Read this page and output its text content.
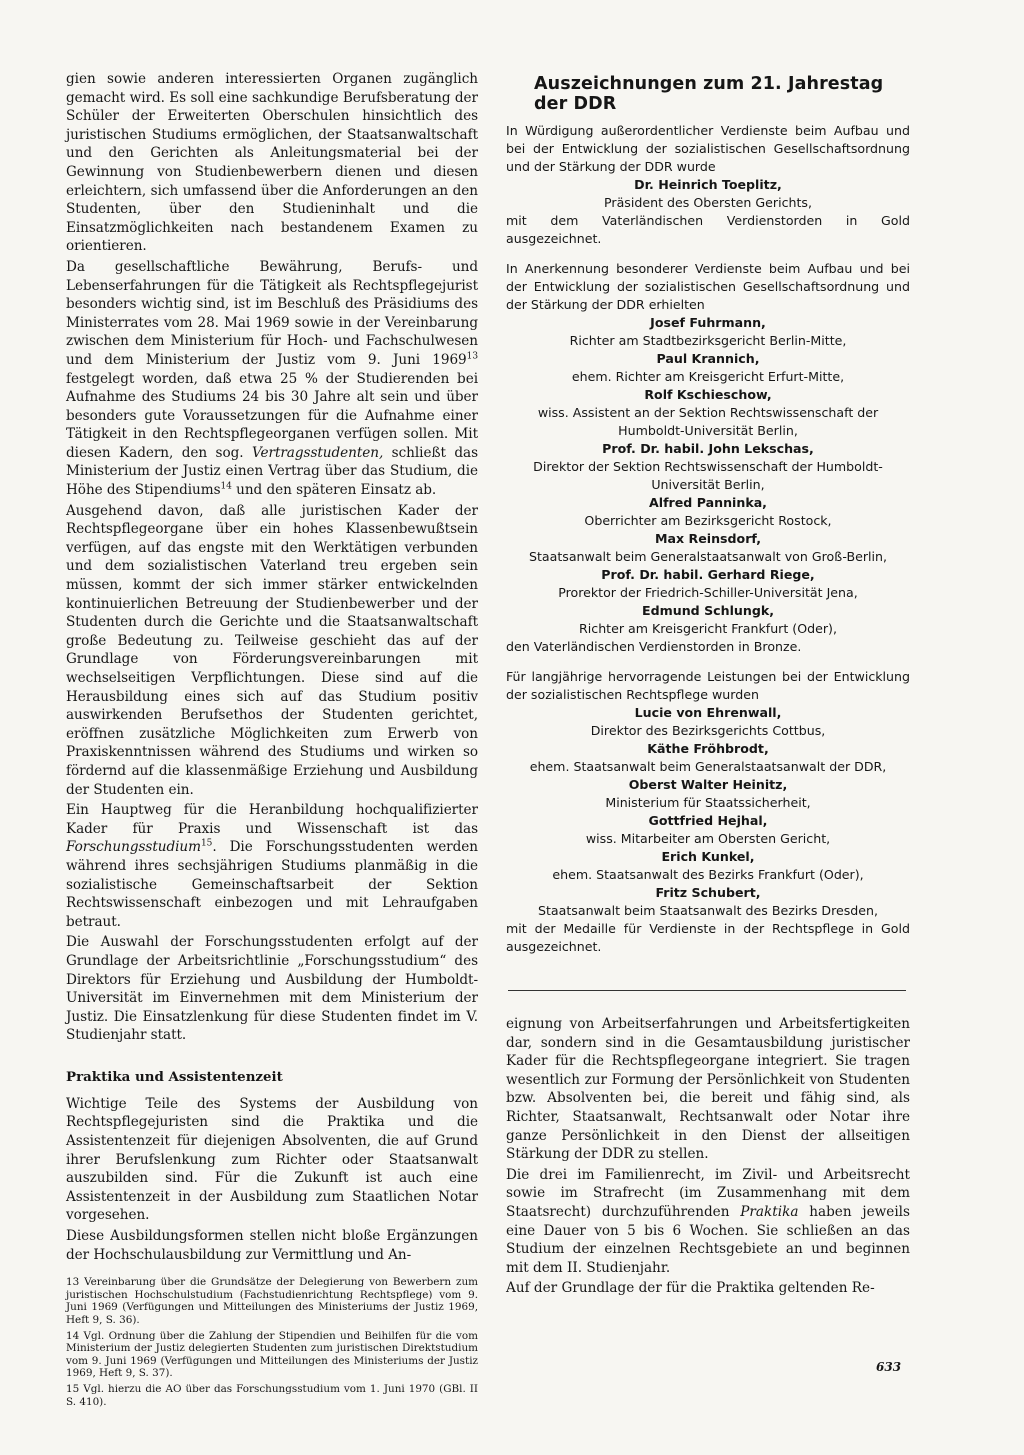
gien sowie anderen interessierten Organen zugänglich gemacht wird. Es soll eine sachkundige Berufsberatung der Schüler der Erweiterten Oberschulen hinsichtlich des juristischen Studiums ermöglichen, der Staatsanwaltschaft und den Gerichten als Anleitungsmaterial bei der Gewinnung von Studienbewerbern dienen und diesen erleichtern, sich umfassend über die Anforderungen an den Studenten, über den Studieninhalt und die Einsatzmöglichkeiten nach bestandenem Examen zu orientieren.

Da gesellschaftliche Bewährung, Berufs- und Lebenserfahrungen für die Tätigkeit als Rechtspflegejurist besonders wichtig sind, ist im Beschluß des Präsidiums des Ministerrates vom 28. Mai 1969 sowie in der Vereinbarung zwischen dem Ministerium für Hoch- und Fachschulwesen und dem Ministerium der Justiz vom 9. Juni 1969$^{13}$ festgelegt worden, daß etwa 25 % der Studierenden bei Aufnahme des Studiums 24 bis 30 Jahre alt sein und über besonders gute Voraussetzungen für die Aufnahme einer Tätigkeit in den Rechtspflegeorganen verfügen sollen. Mit diesen Kadern, den sog. Vertragsstudenten, schließt das Ministerium der Justiz einen Vertrag über das Studium, die Höhe des Stipendiums$^{14}$ und den späteren Einsatz ab.

Ausgehend davon, daß alle juristischen Kader der Rechtspflegeorgane über ein hohes Klassenbewußtsein verfügen, auf das engste mit den Werktätigen verbunden und dem sozialistischen Vaterland treu ergeben sein müssen, kommt der sich immer stärker entwickelnden kontinuierlichen Betreuung der Studienbewerber und der Studenten durch die Gerichte und die Staatsanwaltschaft große Bedeutung zu. Teilweise geschieht das auf der Grundlage von Förderungsvereinbarungen mit wechselseitigen Verpflichtungen. Diese sind auf die Herausbildung eines sich auf das Studium positiv auswirkenden Berufsethos der Studenten gerichtet, eröffnen zusätzliche Möglichkeiten zum Erwerb von Praxiskenntnissen während des Studiums und wirken so fördernd auf die klassenmäßige Erziehung und Ausbildung der Studenten ein.

Ein Hauptweg für die Heranbildung hochqualifizierter Kader für Praxis und Wissenschaft ist das Forschungsstudium$^{15}$. Die Forschungsstudenten werden während ihres sechsjährigen Studiums planmäßig in die sozialistische Gemeinschaftsarbeit der Sektion Rechtswissenschaft einbezogen und mit Lehraufgaben betraut.

Die Auswahl der Forschungsstudenten erfolgt auf der Grundlage der Arbeitsrichtlinie „Forschungsstudium“ des Direktors für Erziehung und Ausbildung der Humboldt-Universität im Einvernehmen mit dem Ministerium der Justiz. Die Einsatzlenkung für diese Studenten findet im V. Studienjahr statt.

Praktika und Assistentenzeit

Wichtige Teile des Systems der Ausbildung von Rechtspflegejuristen sind die Praktika und die Assistentenzeit für diejenigen Absolventen, die auf Grund ihrer Berufslenkung zum Richter oder Staatsanwalt auszubilden sind. Für die Zukunft ist auch eine Assistentenzeit in der Ausbildung zum Staatlichen Notar vorgesehen.

Diese Ausbildungsformen stellen nicht bloße Ergänzungen der Hochschulausbildung zur Vermittlung und An-

13 Vereinbarung über die Grundsätze der Delegierung von Bewerbern zum juristischen Hochschulstudium (Fachstudienrichtung Rechtspflege) vom 9. Juni 1969 (Verfügungen und Mitteilungen des Ministeriums der Justiz 1969, Heft 9, S. 36).

14 Vgl. Ordnung über die Zahlung der Stipendien und Beihilfen für die vom Ministerium der Justiz delegierten Studenten zum juristischen Direktstudium vom 9. Juni 1969 (Verfügungen und Mitteilungen des Ministeriums der Justiz 1969, Heft 9, S. 37).

15 Vgl. hierzu die AO über das Forschungsstudium vom 1. Juni 1970 (GBl. II S. 410).

Auszeichnungen zum 21. Jahrestag der DDR

In Würdigung außerordentlicher Verdienste beim Aufbau und bei der Entwicklung der sozialistischen Gesellschaftsordnung und der Stärkung der DDR wurde

Dr. Heinrich Toeplitz,
Präsident des Obersten Gerichts,

mit dem Vaterländischen Verdienstorden in Gold ausgezeichnet.

In Anerkennung besonderer Verdienste beim Aufbau und bei der Entwicklung der sozialistischen Gesellschaftsordnung und der Stärkung der DDR erhielten

Josef Fuhrmann,
Richter am Stadtbezirksgericht Berlin-Mitte,
Paul Krannich,
ehem. Richter am Kreisgericht Erfurt-Mitte,
Rolf Kschieschow,
wiss. Assistent an der Sektion Rechtswissenschaft der Humboldt-Universität Berlin,
Prof. Dr. habil. John Lekschas,
Direktor der Sektion Rechtswissenschaft der Humboldt-Universität Berlin,
Alfred Panninka,
Oberrichter am Bezirksgericht Rostock,
Max Reinsdorf,
Staatsanwalt beim Generalstaatsanwalt von Groß-Berlin,
Prof. Dr. habil. Gerhard Riege,
Prorektor der Friedrich-Schiller-Universität Jena,
Edmund Schlungk,
Richter am Kreisgericht Frankfurt (Oder),

den Vaterländischen Verdienstorden in Bronze.

Für langjährige hervorragende Leistungen bei der Entwicklung der sozialistischen Rechtspflege wurden

Lucie von Ehrenwall,
Direktor des Bezirksgerichts Cottbus,
Käthe Fröhbrodt,
ehem. Staatsanwalt beim Generalstaatsanwalt der DDR,
Oberst Walter Heinitz,
Ministerium für Staatssicherheit,
Gottfried Hejhal,
wiss. Mitarbeiter am Obersten Gericht,
Erich Kunkel,
ehem. Staatsanwalt des Bezirks Frankfurt (Oder),
Fritz Schubert,
Staatsanwalt beim Staatsanwalt des Bezirks Dresden,

mit der Medaille für Verdienste in der Rechtspflege in Gold ausgezeichnet.

eignung von Arbeitserfahrungen und Arbeitsfertigkeiten dar, sondern sind in die Gesamtausbildung juristischer Kader für die Rechtspflegeorgane integriert. Sie tragen wesentlich zur Formung der Persönlichkeit von Studenten bzw. Absolventen bei, die bereit und fähig sind, als Richter, Staatsanwalt, Rechtsanwalt oder Notar ihre ganze Persönlichkeit in den Dienst der allseitigen Stärkung der DDR zu stellen.

Die drei im Familienrecht, im Zivil- und Arbeitsrecht sowie im Strafrecht (im Zusammenhang mit dem Staatsrecht) durchzuführenden Praktika haben jeweils eine Dauer von 5 bis 6 Wochen. Sie schließen an das Studium der einzelnen Rechtsgebiete an und beginnen mit dem II. Studienjahr.

Auf der Grundlage der für die Praktika geltenden Re-

633
